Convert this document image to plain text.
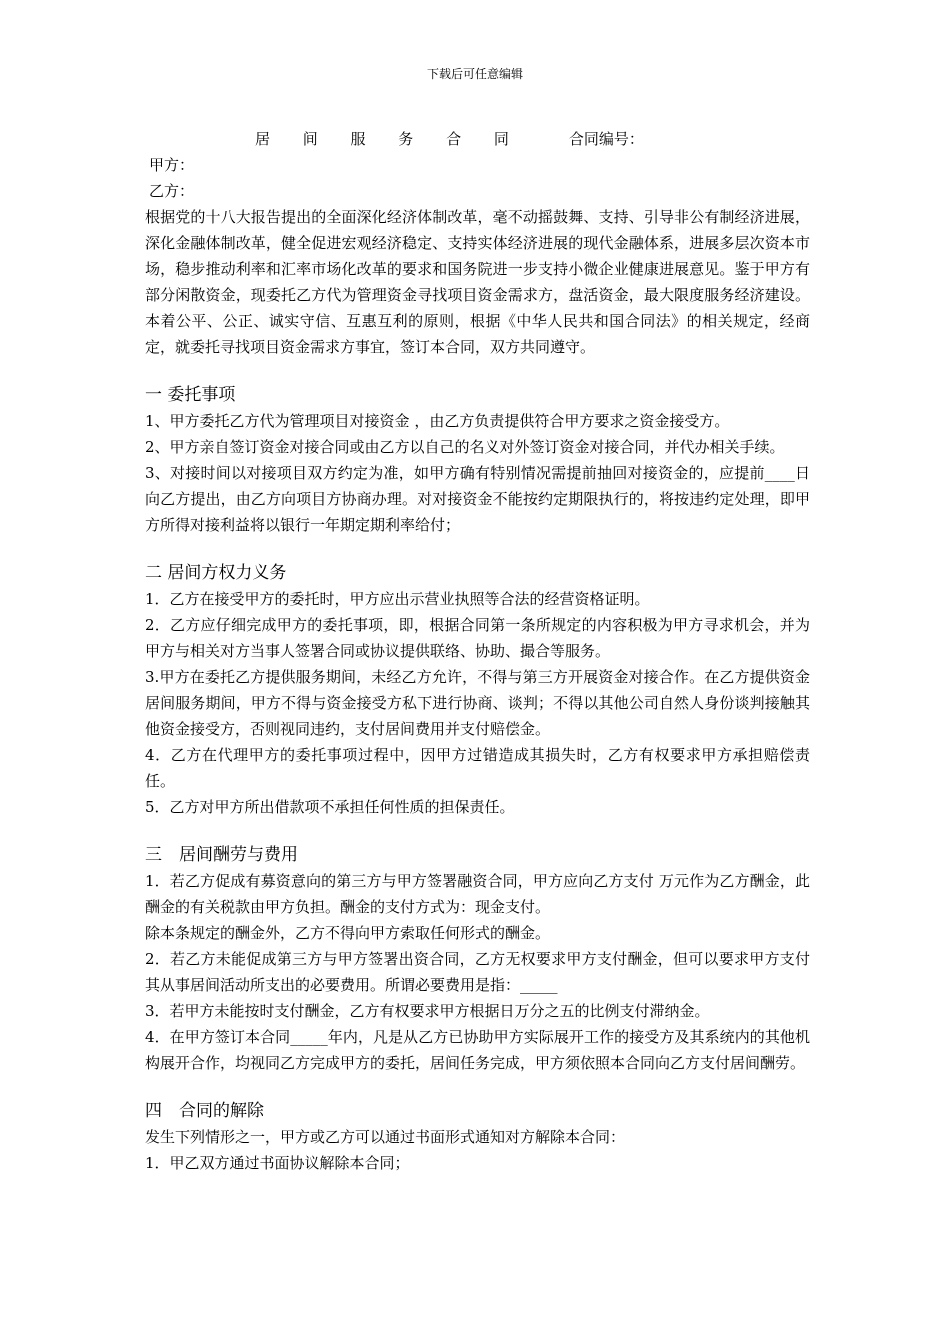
下载后可任意编辑
居 间 服 务 合 同	合同编号：
甲方：
乙方：

根据党的十八大报告提出的全面深化经济体制改革，毫不动摇鼓舞、支持、引导非公有制经济进展，深化金融体制改革，健全促进宏观经济稳定、支持实体经济进展的现代金融体系，进展多层次资本市场，稳步推动利率和汇率市场化改革的要求和国务院进一步支持小微企业健康进展意见。鉴于甲方有部分闲散资金，现委托乙方代为管理资金寻找项目资金需求方，盘活资金，最大限度服务经济建设。本着公平、公正、诚实守信、互惠互利的原则，根据《中华人民共和国合同法》的相关规定，经商定，就委托寻找项目资金需求方事宜，签订本合同，双方共同遵守。

一 委托事项

1、甲方委托乙方代为管理项目对接资金 ，由乙方负责提供符合甲方要求之资金接受方。

2、甲方亲自签订资金对接合同或由乙方以自己的名义对外签订资金对接合同，并代办相关手续。

3、对接时间以对接项目双方约定为准，如甲方确有特别情况需提前抽回对接资金的，应提前____日向乙方提出，由乙方向项目方协商办理。对对接资金不能按约定期限执行的，将按违约定处理，即甲方所得对接利益将以银行一年期定期利率给付；

二 居间方权力义务

1．乙方在接受甲方的委托时，甲方应出示营业执照等合法的经营资格证明。

2．乙方应仔细完成甲方的委托事项，即，根据合同第一条所规定的内容积极为甲方寻求机会，并为甲方与相关对方当事人签署合同或协议提供联络、协助、撮合等服务。

3.甲方在委托乙方提供服务期间，未经乙方允许，不得与第三方开展资金对接合作。在乙方提供资金居间服务期间，甲方不得与资金接受方私下进行协商、谈判；不得以其他公司自然人身份谈判接触其他资金接受方，否则视同违约，支付居间费用并支付赔偿金。

4．乙方在代理甲方的委托事项过程中，因甲方过错造成其损失时，乙方有权要求甲方承担赔偿责任。

5．乙方对甲方所出借款项不承担任何性质的担保责任。

三　居间酬劳与费用

1．若乙方促成有募资意向的第三方与甲方签署融资合同，甲方应向乙方支付 万元作为乙方酬金，此酬金的有关税款由甲方负担。酬金的支付方式为：现金支付。

除本条规定的酬金外，乙方不得向甲方索取任何形式的酬金。

2．若乙方未能促成第三方与甲方签署出资合同，乙方无权要求甲方支付酬金，但可以要求甲方支付其从事居间活动所支出的必要费用。所谓必要费用是指：_____

3．若甲方未能按时支付酬金，乙方有权要求甲方根据日万分之五的比例支付滞纳金。

4．在甲方签订本合同_____年内，凡是从乙方已协助甲方实际展开工作的接受方及其系统内的其他机构展开合作，均视同乙方完成甲方的委托，居间任务完成，甲方须依照本合同向乙方支付居间酬劳。

四　合同的解除

发生下列情形之一，甲方或乙方可以通过书面形式通知对方解除本合同：

1．甲乙双方通过书面协议解除本合同；
